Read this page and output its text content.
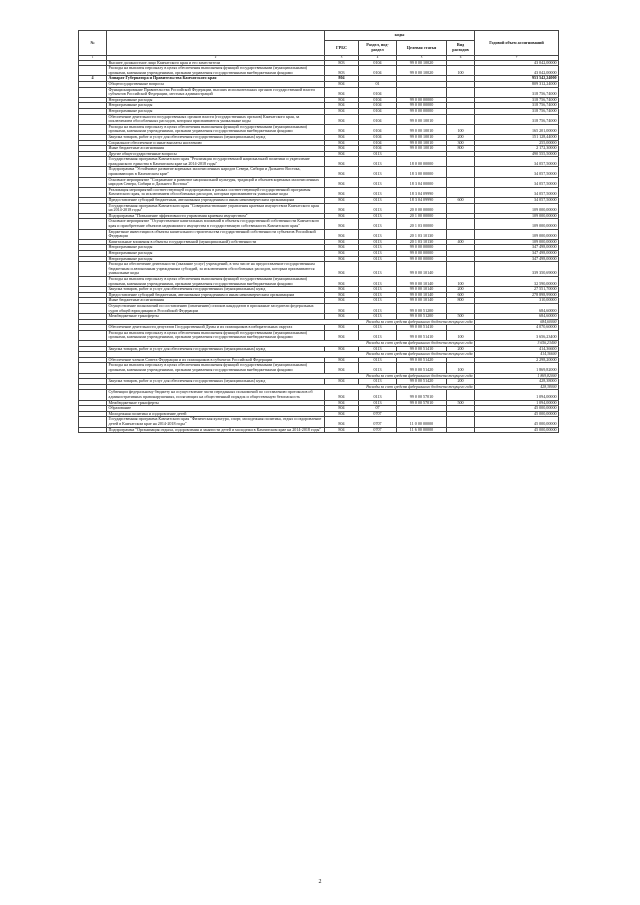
№		коды				Годовой объем ассигнований
		ГРБС	Раздел, под-раздел	Целевая статья	Вид расходов	
1	2	3	4	5	6	7
	Высшее должностное лицо Камчатского края и его заместители	803	0104	99 0 00 10020		43 042,00000
	Расходы на выплаты персоналу в целях обеспечения выполнения функций государственными (муниципальными) органами, казенными учреждениями, органами управления государственными внебюджетными фондами	803	0104	99 0 00 10020	100	43 042,00000
4	Аппарат Губернатора и Правительства Камчатского края	804				953 542,24000
	Общегосударственные вопросы	804	01			809 312,24000
	Функционирование Правительства Российской Федерации, высших исполнительных органов государственной власти субъектов Российской Федерации, местных администраций	804	0104			318 756,74000
	Непрограммные расходы	804	0104	99 0 00 00000		318 756,74000
	Непрограммные расходы	804	0104	99 0 00 00000		318 756,74000
	Непрограммные расходы	804	0104	99 0 00 00000		318 756,74000
	Обеспечение деятельности государственных органов власти (государственных органов) Камчатского края, за исключением обособленных расходов, которым присваиваются уникальные коды	804	0104	99 0 00 10010		318 756,74000
	Расходы на выплаты персоналу в целях обеспечения выполнения функций государственными (муниципальными) органами, казенными учреждениями, органами управления государственными внебюджетными фондами	804	0104	99 0 00 10010	100	165 201,00000
	Закупка товаров, работ и услуг для обеспечения государственных (муниципальных) нужд	804	0104	99 0 00 10010	200	151 128,44000
	Социальное обеспечение и иные выплаты населению	804	0104	99 0 00 10010	300	255,00000
	Иные бюджетные ассигнования	804	0104	99 0 00 10010	800	2 172,30000
	Другие общегосударственные вопросы	804	0113			490 555,50000
	Государственная программа Камчатского края "Реализация государственной национальной политики и укрепление гражданского единства в Камчатском крае на 2014-2018 годы"	804	0113	18 0 00 00000		34 057,50000
	Подпрограмма "Устойчивое развитие коренных малочисленных народов Севера, Сибири и Дальнего Востока, проживающих в Камчатском крае"	804	0113	18 3 00 00000		34 057,50000
	Основное мероприятие "Сохранение и развитие национальной культуры, традиций и обычаев коренных малочисленных народов Севера, Сибири и Дальнего Востока"	804	0113	18 3 04 00000		34 057,50000
	Реализация мероприятий соответствующей подпрограммы в рамках соответствующей государственной программы Камчатского края, за исключением обособленных расходов, которым присваиваются уникальные коды	804	0113	18 3 04 09990		34 057,50000
	Предоставление субсидий бюджетным, автономным учреждениям и иным некоммерческим организациям	804	0113	18 3 04 09990	600	34 057,50000
	Государственная программа Камчатского края "Совершенствование управления краевым имуществом Камчатского края на 2014-2018 годы"	804	0113	20 0 00 00000		109 000,00000
	Подпрограмма "Повышение эффективности управления краевым имуществом"	804	0113	20 1 00 00000		109 000,00000
	Основное мероприятие "Осуществление капитальных вложений в объекты государственной собственности Камчатского края и приобретение объектов недвижимого имущества в государственную собственность Камчатского края"	804	0113	20 1 03 00000		109 000,00000
	Бюджетные инвестиции в объекты капитального строительства государственной собственности субъектов Российской Федерации	804	0113	20 1 03 10130		109 000,00000
	Капитальные вложения в объекты государственной (муниципальной) собственности	804	0113	20 1 03 10130	400	109 000,00000
	Непрограммные расходы	804	0113	99 0 00 00000		347 498,00000
	Непрограммные расходы	804	0113	99 0 00 00000		347 498,00000
	Непрограммные расходы	804	0113	99 0 00 00000		347 498,00000
	Расходы на обеспечение деятельности (оказание услуг) учреждений, в том числе на предоставление государственным бюджетным и автономным учреждениям субсидий, за исключением обособленных расходов, которым присваиваются уникальные коды	804	0113	99 0 00 10140		339 350,69000
	Расходы на выплаты персоналу в целях обеспечения выполнения функций государственными (муниципальными) органами, казенными учреждениями, органами управления государственными внебюджетными фондами	804	0113	99 0 00 10140	100	32 590,00000
	Закупка товаров, работ и услуг для обеспечения государственных (муниципальных) нужд	804	0113	99 0 00 10140	200	27 551,70000
	Предоставление субсидий бюджетным, автономным учреждениям и иным некоммерческим организациям	804	0113	99 0 00 10140	600	278 898,99000
	Иные бюджетные ассигнования	804	0113	99 0 00 10140	800	310,00000
	Осуществление полномочий по составлению (изменению) списков кандидатов в присяжные заседатели федеральных судов общей юрисдикции в Российской Федерации	804	0113	99 0 00 51200		684,60000
	Межбюджетные трансферты	804	0113	99 0 00 51200	500	684,60000
	Расходы за счет средств федерального бюджета текущего года					684,60000
	Обеспечение деятельности депутатов Государственной Думы и их помощников в избирательных округах	804	0113	99 0 00 51410		4 070,60000
	Расходы на выплаты персоналу в целях обеспечения выполнения функций государственными (муниципальными) органами, казенными учреждениями, органами управления государственными внебюджетными фондами	804	0113	99 0 00 51410	100	3 656,23400
	Расходы за счет средств федерального бюджета текущего года					3 656,23400
	Закупка товаров, работ и услуг для обеспечения государственных (муниципальных) нужд	804	0113	99 0 00 51410	200	414,36600
	Расходы за счет средств федерального бюджета текущего года					414,36600
	Обеспечение членов Совета Федерации и их помощников в субъектах Российской Федерации	804	0113	99 0 00 51420		2 298,20000
	Расходы на выплаты персоналу в целях обеспечения выполнения функций государственными (муниципальными) органами, казенными учреждениями, органами управления государственными внебюджетными фондами	804	0113	99 0 00 51420	100	1 869,82000
	Расходы за счет средств федерального бюджета текущего года					1 869,82000
	Закупка товаров, работ и услуг для обеспечения государственных (муниципальных) нужд	804	0113	99 0 00 51420	200	428,38000
	Расходы за счет средств федерального бюджета текущего года					428,38000
	Субвенции федеральному бюджету на осуществление части переданных полномочий по составлению протоколов об административных правонарушениях, посягающих на общественный порядок и общественную безопасность	804	0113	99 0 00 57010		1 094,00000
	Межбюджетные трансферты	804	0113	99 0 00 57010	500	1 094,00000
	Образование	804	07			45 000,00000
	Молодежная политика и оздоровление детей	804	0707			45 000,00000
	Государственная программа Камчатского края "Физическая культура, спорт, молодежная политика, отдых и оздоровление детей в Камчатском крае на 2014-2018 годы"	804	0707	11 0 00 00000		45 000,00000
	Подпрограмма "Организация отдыха, оздоровления и занятости детей и молодежи в Камчатском крае на 2014-2018 годы"	804	0707	11 6 00 00000		45 000,00000
2
